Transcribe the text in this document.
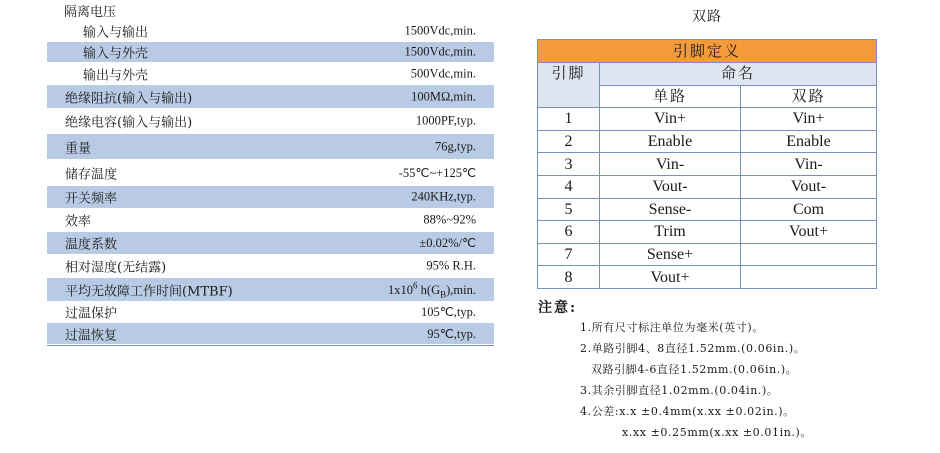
隔离电压
输入与输出	1500Vdc,min.
输入与外壳	1500Vdc,min.
输出与外壳	500Vdc,min.
绝缘阻抗(输入与输出)	100MΩ,min.
绝缘电容(输入与输出)	1000PF,typ.
重量	76g,typ.
储存温度	-55℃~+125℃
开关频率	240KHz,typ.
效率	88%~92%
温度系数	±0.02%/℃
相对湿度(无结露)	95% R.H.
平均无故障工作时间(MTBF)	$1x10^6$ $h(G_B),\min$.
过温保护	105℃,typ.
过温恢复	95℃,typ.
双路
引脚定义		
引脚	命名	
	单路	双路
1	Vin+	Vin+
2	Enable	Enable
3	Vin-	Vin-
4	Vout-	Vout-
5	Sense-	Com
6	Trim	Vout+
7	Sense+	
8	Vout+	
注意:
1.所有尺寸标注单位为毫米(英寸)。
2.单路引脚4、8直径1.52mm.(0.06in.)。
双路引脚4-6直径1.52mm.(0.06in.)。
3.其余引脚直径1.02mm.(0.04in.)。
4.公差:x.x ±0.4mm(x.xx ±0.02in.)。
x.xx ±0.25mm(x.xx ±0.01in.)。
